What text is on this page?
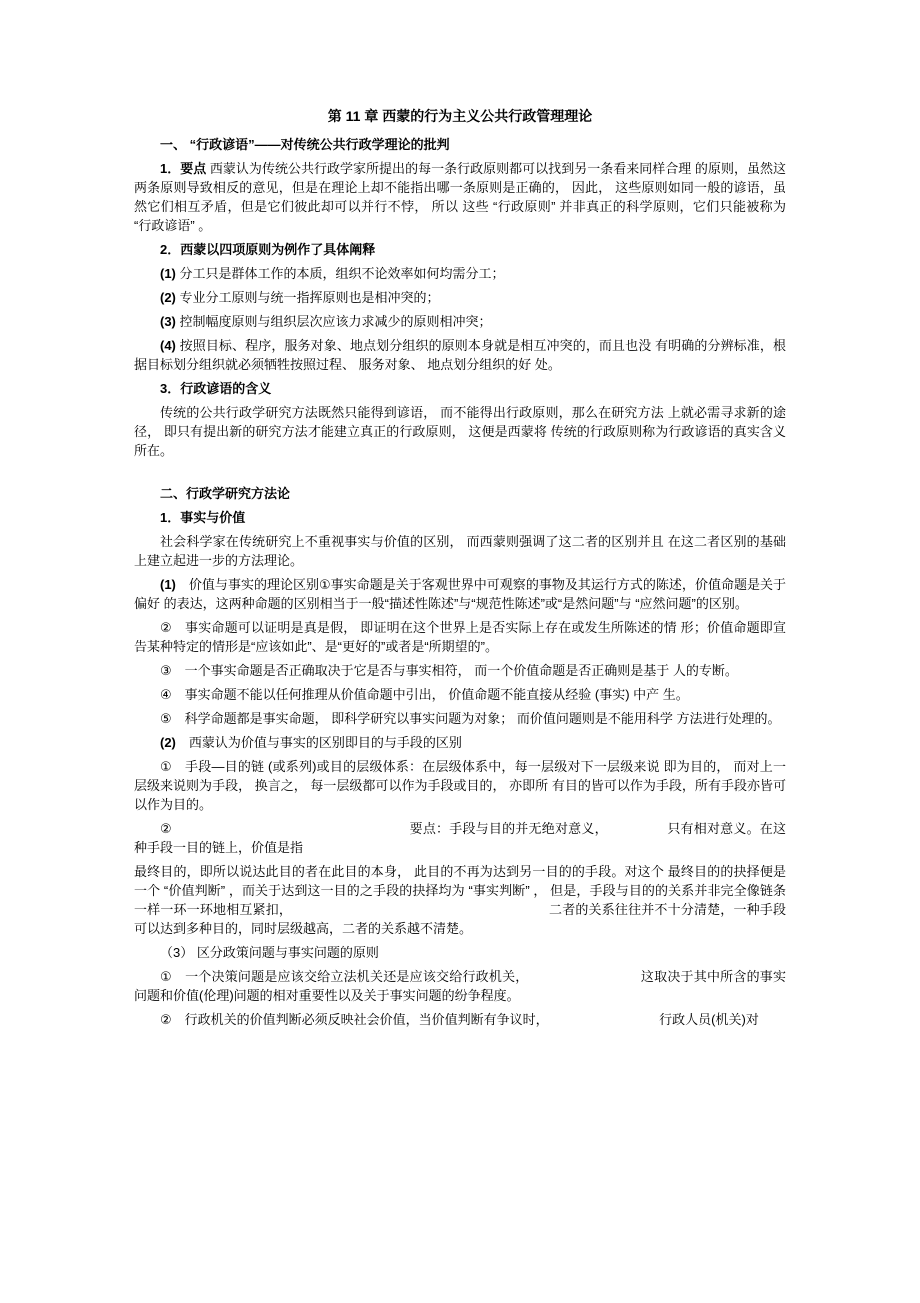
第 11 章 西蒙的行为主义公共行政管理理论

一、 “行政谚语”——对传统公共行政学理论的批判

1．要点 西蒙认为传统公共行政学家所提出的每一条行政原则都可以找到另一条看来同样合理 的原则，虽然这两条原则导致相反的意见，但是在理论上却不能指出哪一条原则是正确的， 因此， 这些原则如同一般的谚语，虽然它们相互矛盾，但是它们彼此却可以并行不悖， 所以 这些 “行政原则” 并非真正的科学原则，它们只能被称为 “行政谚语” 。

2．西蒙以四项原则为例作了具体阐释

(1) 分工只是群体工作的本质，组织不论效率如何均需分工；

(2) 专业分工原则与统一指挥原则也是相冲突的；

(3) 控制幅度原则与组织层次应该力求减少的原则相冲突；

(4) 按照目标、程序，服务对象、地点划分组织的原则本身就是相互冲突的，而且也没 有明确的分辨标准，根据目标划分组织就必须牺牲按照过程、 服务对象、 地点划分组织的好 处。

3．行政谚语的含义

传统的公共行政学研究方法既然只能得到谚语， 而不能得出行政原则，那么在研究方法 上就必需寻求新的途径， 即只有提出新的研究方法才能建立真正的行政原则， 这便是西蒙将 传统的行政原则称为行政谚语的真实含义所在。

二、行政学研究方法论

1．事实与价值

社会科学家在传统研究上不重视事实与价值的区别， 而西蒙则强调了这二者的区别并且 在这二者区别的基础上建立起进一步的方法理论。

(1)　价值与事实的理论区别①事实命题是关于客观世界中可观察的事物及其运行方式的陈述，价值命题是关于偏好 的表达，这两种命题的区别相当于一般“描述性陈述”与“规范性陈述”或“是然问题”与 “应然问题”的区别。

②　事实命题可以证明是真是假， 即证明在这个世界上是否实际上存在或发生所陈述的情 形；价值命题即宣告某种特定的情形是“应该如此”、是“更好的”或者是“所期望的”。

③　一个事实命题是否正确取决于它是否与事实相符， 而一个价值命题是否正确则是基于 人的专断。

④　事实命题不能以任何推理从价值命题中引出， 价值命题不能直接从经验 (事实) 中产 生。

⑤　科学命题都是事实命题， 即科学研究以事实问题为对象； 而价值问题则是不能用科学 方法进行处理的。

(2)　西蒙认为价值与事实的区别即目的与手段的区别

①　手段—目的链 (或系列)或目的层级体系：在层级体系中，每一层级对下一层级来说 即为目的， 而对上一层级来说则为手段， 换言之， 每一层级都可以作为手段或目的， 亦即所 有目的皆可以作为手段，所有手段亦皆可以作为目的。

②　　　　　　　　　　　　　　　　　　要点：手段与目的并无绝对意义，　　　　　只有相对意义。在这种手段一目的链上，价值是指

最终目的，即所以说达此目的者在此目的本身， 此目的不再为达到另一目的的手段。对这个 最终目的的抉择便是一个 “价值判断” ，而关于达到这一目的之手段的抉择均为 “事实判断” ， 但是，手段与目的的关系并非完全像链条一样一环一环地相互紧扣，　　　　　　　　　　　　　　　　　　　　二者的关系往往并不十分清楚，一种手段可以达到多种目的，同时层级越高，二者的关系越不清楚。

（3） 区分政策问题与事实问题的原则

①　一个决策问题是应该交给立法机关还是应该交给行政机关，　　　　　　　　　这取决于其中所含的事实问题和价值(伦理)问题的相对重要性以及关于事实问题的纷争程度。

②　行政机关的价值判断必须反映社会价值，当价值判断有争议时，　　　　　　　　　行政人员(机关)对
